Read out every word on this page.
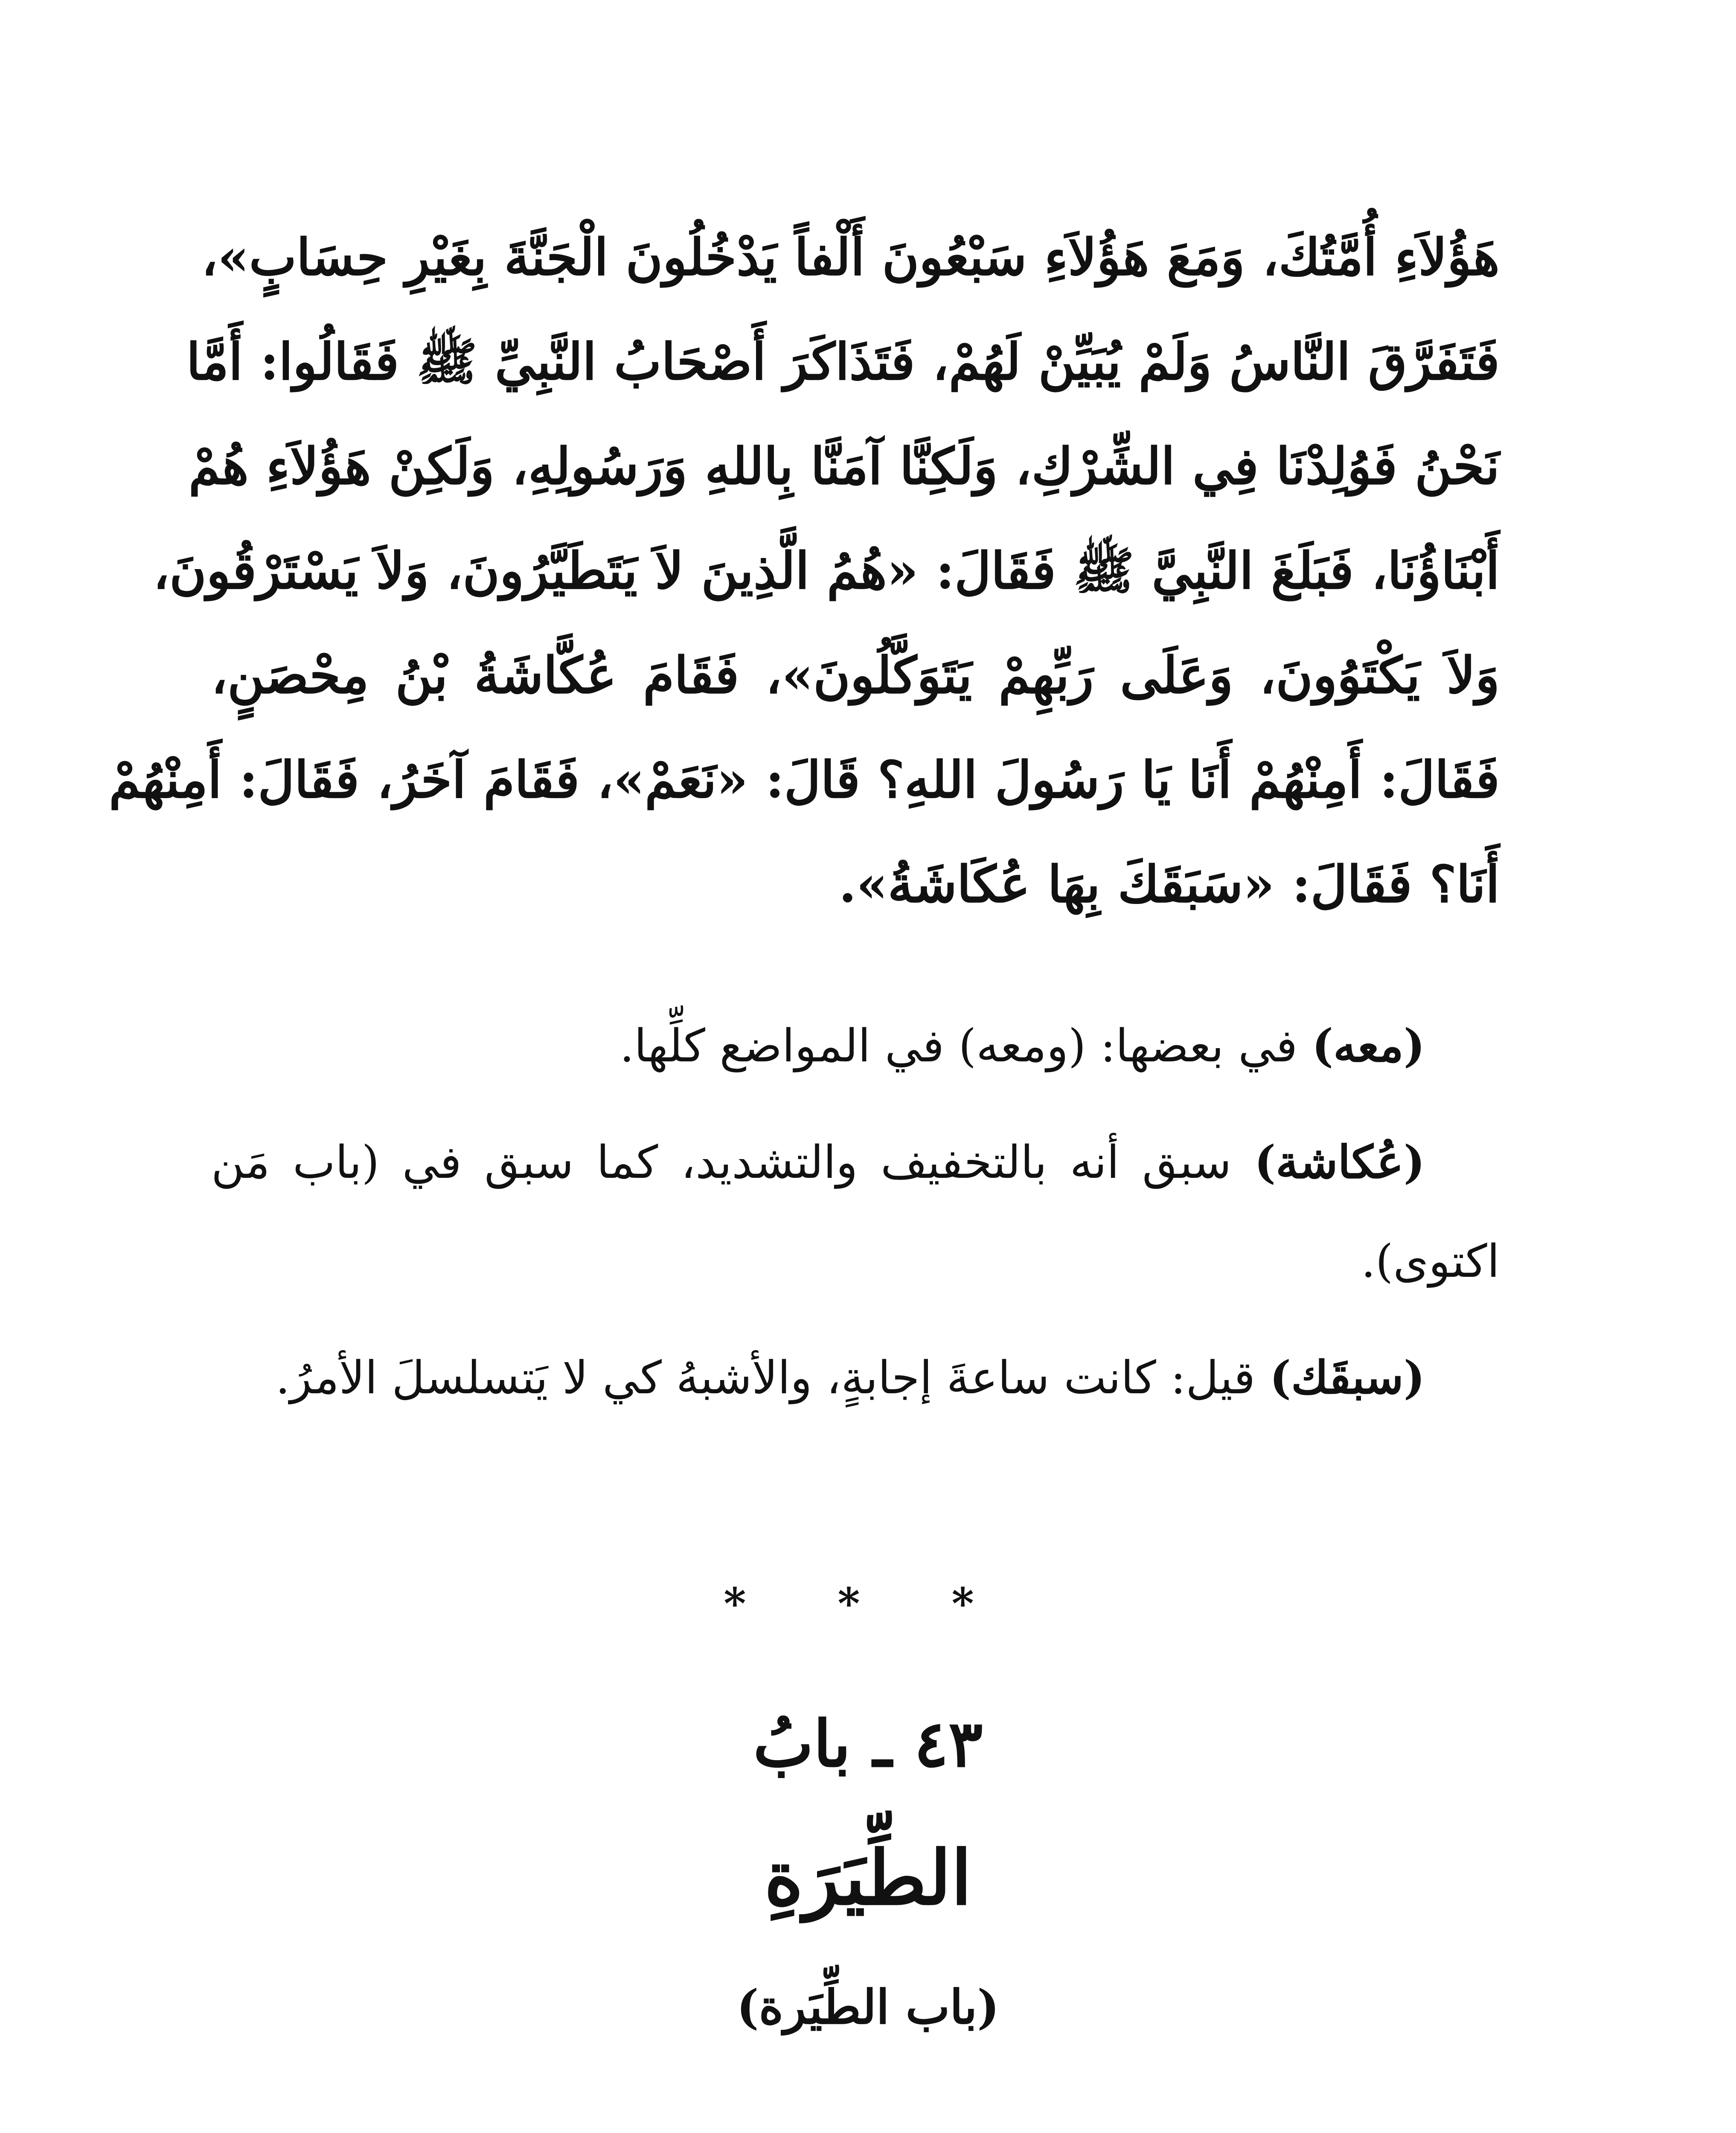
هَؤُلاَءِ أُمَّتُكَ، وَمَعَ هَؤُلاَءِ سَبْعُونَ أَلْفاً يَدْخُلُونَ الْجَنَّةَ بِغَيْرِ حِسَابٍ»،
فَتَفَرَّقَ النَّاسُ وَلَمْ يُبَيِّنْ لَهُمْ، فَتَذَاكَرَ أَصْحَابُ النَّبِيِّ ﷺ فَقَالُوا: أَمَّا
نَحْنُ فَوُلِدْنَا فِي الشِّرْكِ، وَلَكِنَّا آمَنَّا بِاللهِ وَرَسُولِهِ، وَلَكِنْ هَؤُلاَءِ هُمْ
أَبْنَاؤُنَا، فَبَلَغَ النَّبِيَّ ﷺ فَقَالَ: «هُمُ الَّذِينَ لاَ يَتَطَيَّرُونَ، وَلاَ يَسْتَرْقُونَ،
وَلاَ يَكْتَوُونَ، وَعَلَى رَبِّهِمْ يَتَوَكَّلُونَ»، فَقَامَ عُكَّاشَةُ بْنُ مِحْصَنٍ،
فَقَالَ: أَمِنْهُمْ أَنَا يَا رَسُولَ اللهِ؟ قَالَ: «نَعَمْ»، فَقَامَ آخَرُ، فَقَالَ: أَمِنْهُمْ
أَنَا؟ فَقَالَ: «سَبَقَكَ بِهَا عُكَاشَةُ».

(معه) في بعضها: (ومعه) في المواضع كلِّها.

(عُكاشة) سبق أنه بالتخفيف والتشديد، كما سبق في (باب مَن اكتوى).

(سبقَك) قيل: كانت ساعةَ إجابةٍ، والأشبهُ كي لا يَتسلسلَ الأمرُ.

* * *
٤٣ ـ بابُ
الطِّيَرَةِ
(باب الطِّيَرة)
